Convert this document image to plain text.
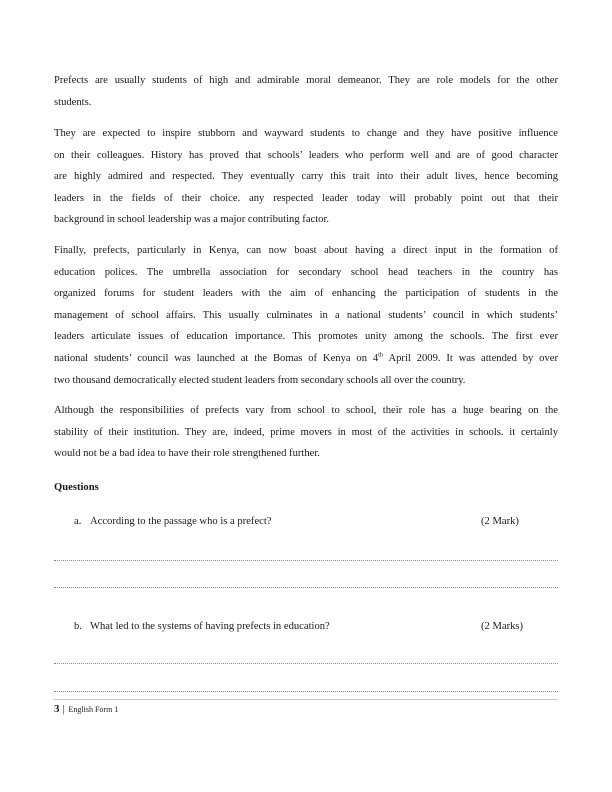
Prefects are usually students of high and admirable moral demeanor. They are role models for the other
students.

They are expected to inspire stubborn and wayward students to change and they have positive influence
on their colleagues. History has proved that schools’ leaders who perform well and are of good character
are highly admired and respected. They eventually carry this trait into their adult lives, hence becoming
leaders in the fields of their choice. any respected leader today will probably point out that their
background in school leadership was a major contributing factor.

Finally, prefects, particularly in Kenya, can now boast about having a direct input in the formation of
education polices. The umbrella association for secondary school head teachers in the country has
organized forums for student leaders with the aim of enhancing the participation of students in the
management of school affairs. This usually culminates in a national students’ council in which students’
leaders articulate issues of education importance. This promotes unity among the schools. The first ever
national students’ council was launched at the Bomas of Kenya on 4th April 2009. It was attended by over
two thousand democratically elected student leaders from secondary schools all over the country.

Although the responsibilities of prefects vary from school to school, their role has a huge bearing on the
stability of their institution. They are, indeed, prime movers in most of the activities in schools. it certainly
would not be a bad idea to have their role strengthened further.

Questions
a. According to the passage who is a prefect?	(2 Mark)
b. What led to the systems of having prefects in education?	(2 Marks)
3 | English Form 1
